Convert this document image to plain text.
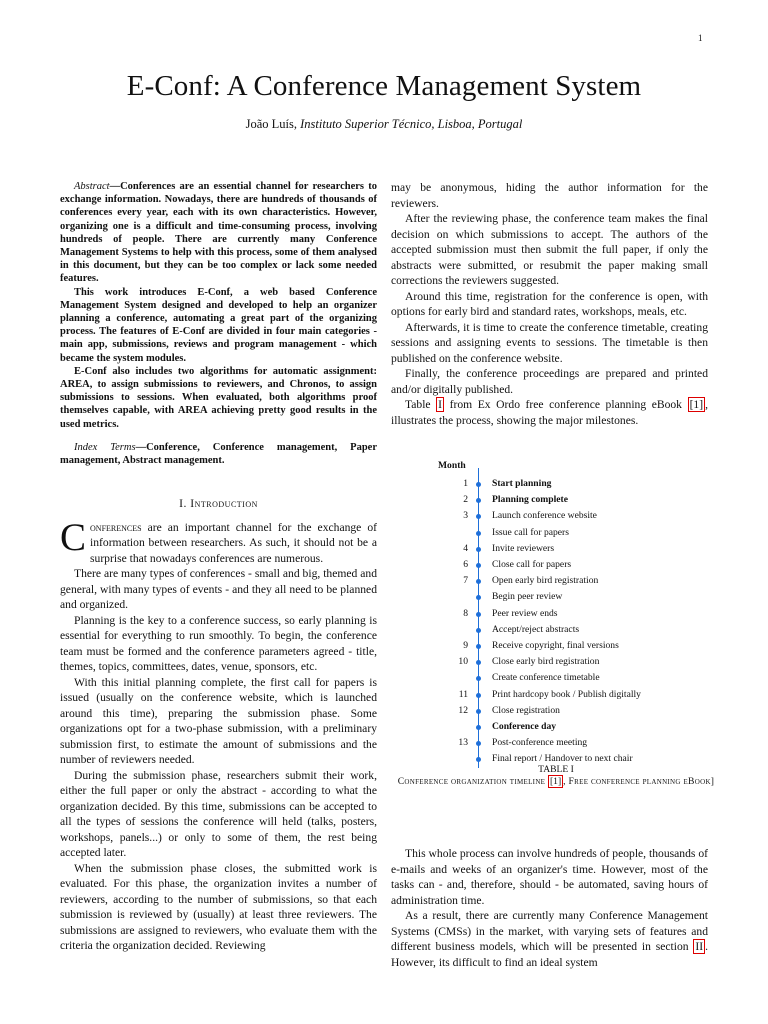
1
E-Conf: A Conference Management System
João Luís, Instituto Superior Técnico, Lisboa, Portugal

Abstract—Conferences are an essential channel for researchers to exchange information. Nowadays, there are hundreds of thousands of conferences every year, each with its own characteristics. However, organizing one is a difficult and time-consuming process, involving hundreds of people. There are currently many Conference Management Systems to help with this process, some of them analysed in this document, but they can be too complex or lack some needed features.

This work introduces E-Conf, a web based Conference Management System designed and developed to help an organizer planning a conference, automating a great part of the organizing process. The features of E-Conf are divided in four main categories - main app, submissions, reviews and program management - which became the system modules.

E-Conf also includes two algorithms for automatic assignment: AREA, to assign submissions to reviewers, and Chronos, to assign submissions to sessions. When evaluated, both algorithms proof themselves capable, with AREA achieving pretty good results in the used metrics.

Index Terms—Conference, Conference management, Paper management, Abstract management.
I. Introduction

Conferences are an important channel for the exchange of information between researchers. As such, it should not be a surprise that nowadays conferences are numerous.

There are many types of conferences - small and big, themed and general, with many types of events - and they all need to be planned and organized.

Planning is the key to a conference success, so early planning is essential for everything to run smoothly. To begin, the conference team must be formed and the conference parameters agreed - title, themes, topics, committees, dates, venue, sponsors, etc.

With this initial planning complete, the first call for papers is issued (usually on the conference website, which is launched around this time), preparing the submission phase. Some organizations opt for a two-phase submission, with a preliminary submission first, to estimate the amount of submissions and the number of reviewers needed.

During the submission phase, researchers submit their work, either the full paper or only the abstract - according to what the organization decided. By this time, submissions can be accepted to all the types of sessions the conference will held (talks, posters, workshops, panels...) or only to some of them, the rest being accepted later.

When the submission phase closes, the submitted work is evaluated. For this phase, the organization invites a number of reviewers, according to the number of submissions, so that each submission is reviewed by (usually) at least three reviewers. The submissions are assigned to reviewers, who evaluate them with the criteria the organization decided. Reviewing

may be anonymous, hiding the author information for the reviewers.

After the reviewing phase, the conference team makes the final decision on which submissions to accept. The authors of the accepted submission must then submit the full paper, if only the abstracts were submitted, or resubmit the paper making small corrections the reviewers suggested.

Around this time, registration for the conference is open, with options for early bird and standard rates, workshops, meals, etc.

Afterwards, it is time to create the conference timetable, creating sessions and assigning events to sessions. The timetable is then published on the conference website.

Finally, the conference proceedings are prepared and printed and/or digitally published.

Table I from Ex Ordo free conference planning eBook [1] , illustrates the process, showing the major milestones.

Month
1	Start planning
2	Planning complete
3	Launch conference website
Issue call for papers
4	Invite reviewers
6	Close call for papers
7	Open early bird registration
Begin peer review
8	Peer review ends
Accept/reject abstracts
9	Receive copyright, final versions
10	Close early bird registration
Create conference timetable
11	Print hardcopy book / Publish digitally
12	Close registration
Conference day
13	Post-conference meeting
Final report / Handover to next chair
TABLE I
Conference organization timeline [1] , Free conference planning eBook]

This whole process can involve hundreds of people, thousands of e-mails and weeks of an organizer's time. However, most of the tasks can - and, therefore, should - be automated, saving hours of administration time.

As a result, there are currently many Conference Management Systems (CMSs) in the market, with varying sets of features and different business models, which will be presented in section II . However, its difficult to find an ideal system
